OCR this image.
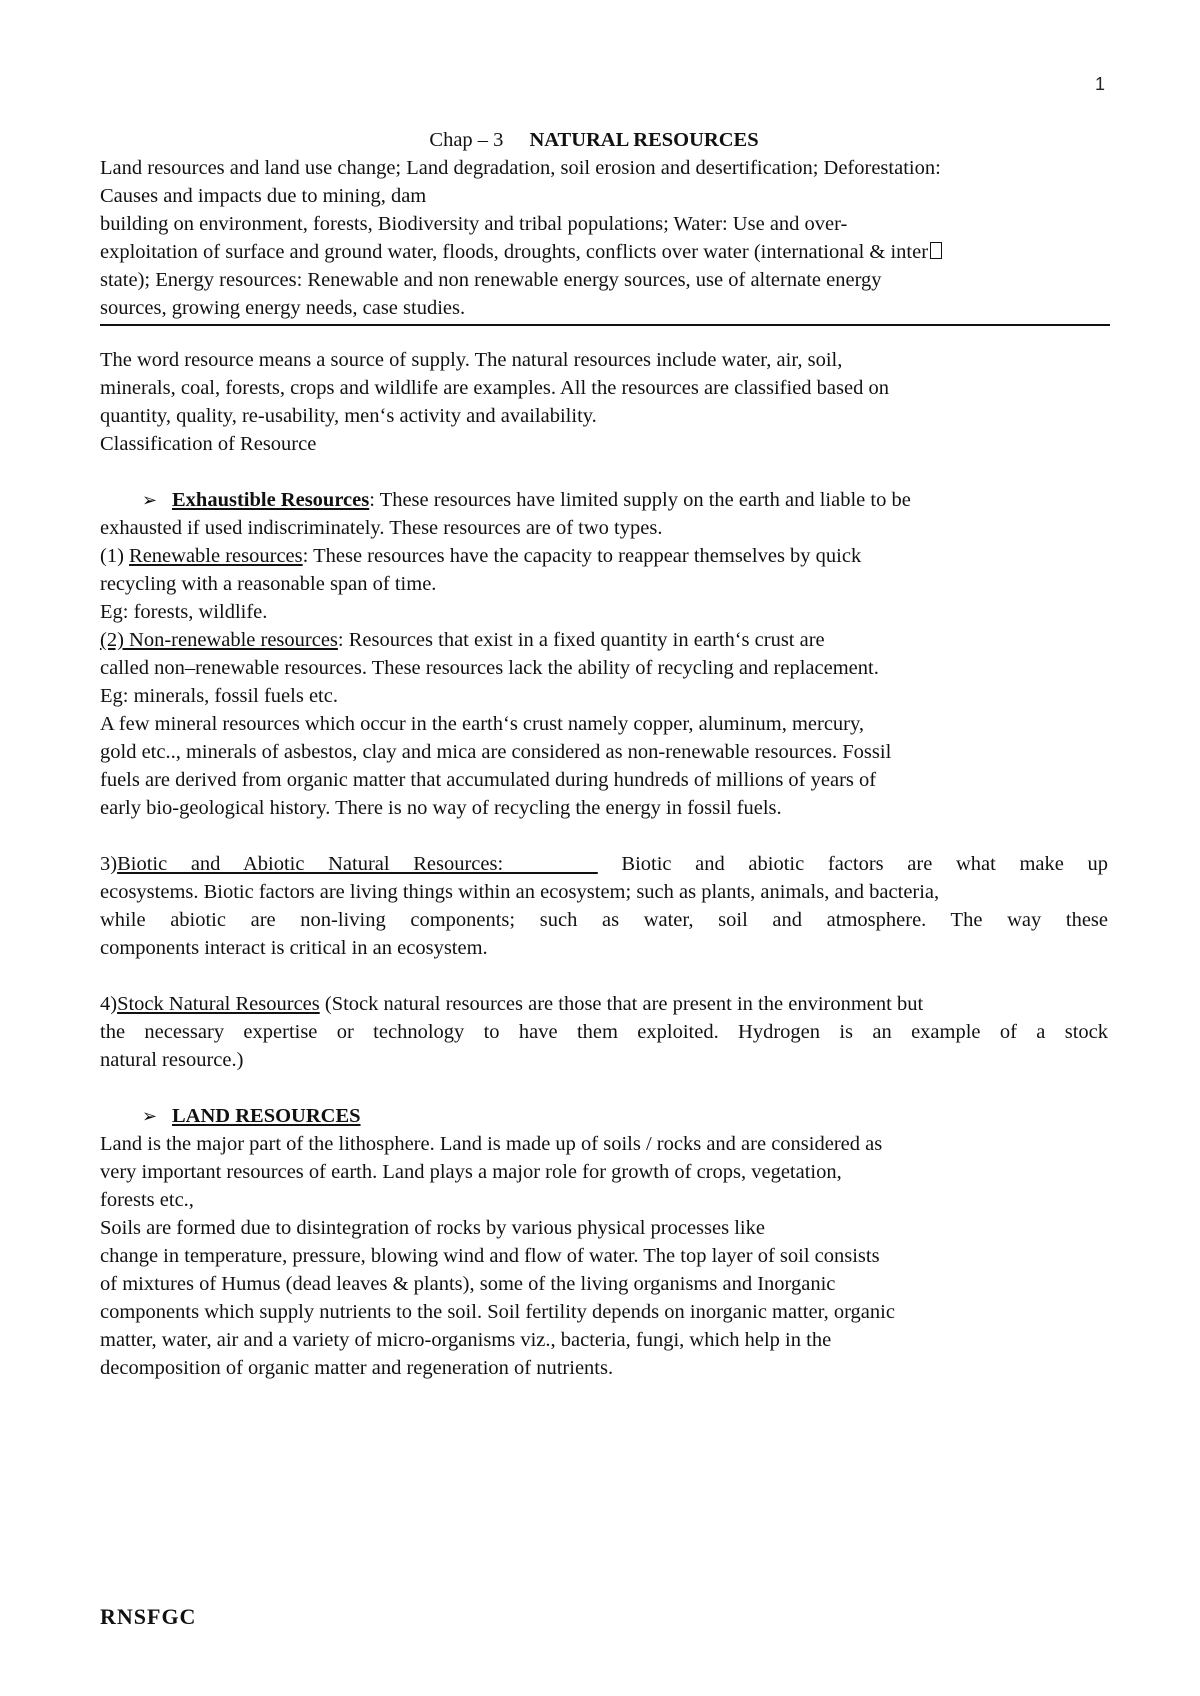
1
Chap – 3 NATURAL RESOURCES
Land resources and land use change; Land degradation, soil erosion and desertification; Deforestation:
Causes and impacts due to mining, dam
building on environment, forests, Biodiversity and tribal populations; Water: Use and over-
exploitation of surface and ground water, floods, droughts, conflicts over water (international & inter
state); Energy resources: Renewable and non renewable energy sources, use of alternate energy
sources, growing energy needs, case studies.
The word resource means a source of supply. The natural resources include water, air, soil,
minerals, coal, forests, crops and wildlife are examples. All the resources are classified based on
quantity, quality, re-usability, men‘s activity and availability.
Classification of Resource
➢ Exhaustible Resources: These resources have limited supply on the earth and liable to be
exhausted if used indiscriminately. These resources are of two types.
(1) Renewable resources: These resources have the capacity to reappear themselves by quick
recycling with a reasonable span of time.
Eg: forests, wildlife.
(2) Non-renewable resources: Resources that exist in a fixed quantity in earth‘s crust are
called non–renewable resources. These resources lack the ability of recycling and replacement.
Eg: minerals, fossil fuels etc.
A few mineral resources which occur in the earth‘s crust namely copper, aluminum, mercury,
gold etc.., minerals of asbestos, clay and mica are considered as non-renewable resources. Fossil
fuels are derived from organic matter that accumulated during hundreds of millions of years of
early bio-geological history. There is no way of recycling the energy in fossil fuels.
3)Biotic and Abiotic Natural Resources:     Biotic and abiotic factors are what make up
ecosystems. Biotic factors are living things within an ecosystem; such as plants, animals, and bacteria,
while abiotic are non-living components; such as water, soil and atmosphere. The way these
components interact is critical in an ecosystem.
4)Stock Natural Resources (Stock natural resources are those that are present in the environment but
the necessary expertise or technology to have them exploited. Hydrogen is an example of a stock
natural resource.)
➢ LAND RESOURCES
Land is the major part of the lithosphere. Land is made up of soils / rocks and are considered as
very important resources of earth. Land plays a major role for growth of crops, vegetation,
forests etc.,
Soils are formed due to disintegration of rocks by various physical processes like
change in temperature, pressure, blowing wind and flow of water. The top layer of soil consists
of mixtures of Humus (dead leaves & plants), some of the living organisms and Inorganic
components which supply nutrients to the soil. Soil fertility depends on inorganic matter, organic
matter, water, air and a variety of micro-organisms viz., bacteria, fungi, which help in the
decomposition of organic matter and regeneration of nutrients.
RNSFGC
